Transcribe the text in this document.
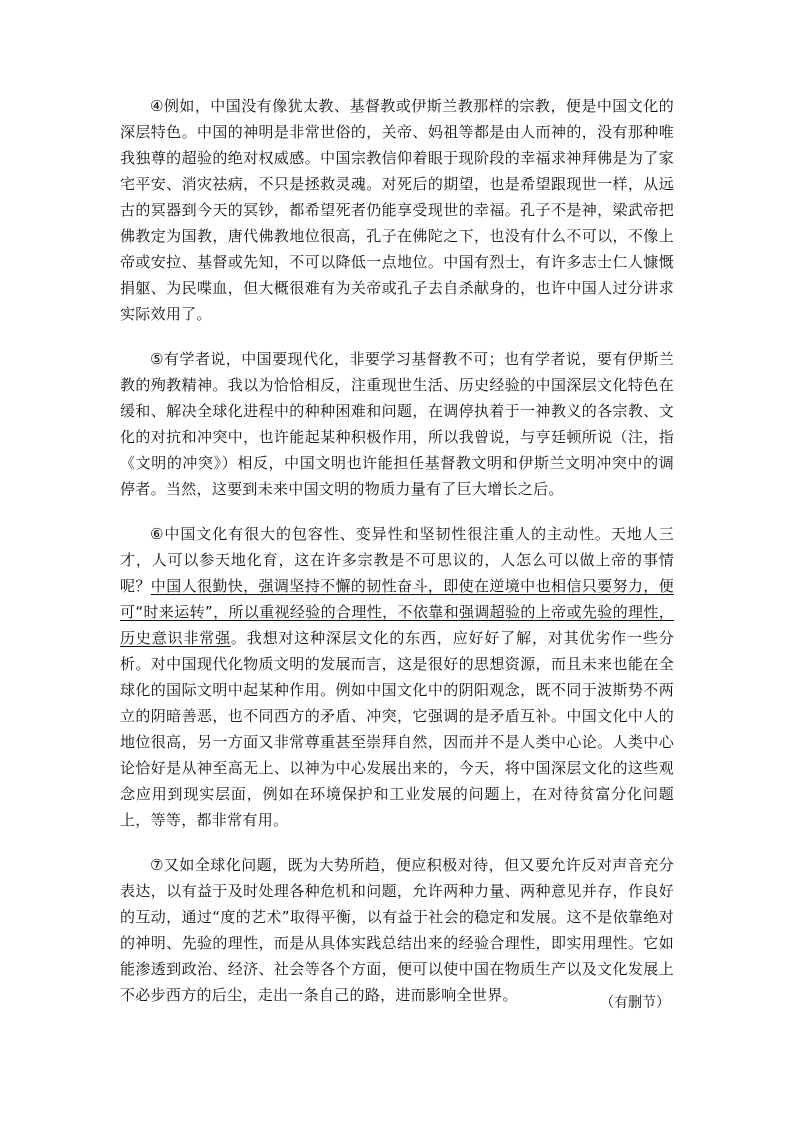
④例如，中国没有像犹太教、基督教或伊斯兰教那样的宗教，便是中国文化的深层特色。中国的神明是非常世俗的，关帝、妈祖等都是由人而神的，没有那种唯我独尊的超验的绝对权威感。中国宗教信仰着眼于现阶段的幸福求神拜佛是为了家宅平安、消灾祛病，不只是拯救灵魂。对死后的期望，也是希望跟现世一样，从远古的冥器到今天的冥钞，都希望死者仍能享受现世的幸福。孔子不是神，梁武帝把佛教定为国教，唐代佛教地位很高，孔子在佛陀之下，也没有什么不可以，不像上帝或安拉、基督或先知，不可以降低一点地位。中国有烈士，有许多志士仁人慷慨捐躯、为民喋血，但大概很难有为关帝或孔子去自杀献身的，也许中国人过分讲求实际效用了。

⑤有学者说，中国要现代化，非要学习基督教不可；也有学者说，要有伊斯兰教的殉教精神。我以为恰恰相反，注重现世生活、历史经验的中国深层文化特色在缓和、解决全球化进程中的种种困难和问题，在调停执着于一神教义的各宗教、文化的对抗和冲突中，也许能起某种积极作用，所以我曾说，与亨廷顿所说（注，指《文明的冲突》）相反，中国文明也许能担任基督教文明和伊斯兰文明冲突中的调停者。当然，这要到未来中国文明的物质力量有了巨大增长之后。

⑥中国文化有很大的包容性、变异性和坚韧性很注重人的主动性。天地人三才，人可以参天地化育，这在许多宗教是不可思议的，人怎么可以做上帝的事情呢？中国人很勤快，强调坚持不懈的韧性奋斗，即使在逆境中也相信只要努力，便可“时来运转”，所以重视经验的合理性，不依靠和强调超验的上帝或先验的理性，历史意识非常强。我想对这种深层文化的东西，应好好了解，对其优劣作一些分析。对中国现代化物质文明的发展而言，这是很好的思想资源，而且未来也能在全球化的国际文明中起某种作用。例如中国文化中的阴阳观念，既不同于波斯势不两立的阴暗善恶，也不同西方的矛盾、冲突，它强调的是矛盾互补。中国文化中人的地位很高，另一方面又非常尊重甚至崇拜自然，因而并不是人类中心论。人类中心论恰好是从神至高无上、以神为中心发展出来的，今天，将中国深层文化的这些观念应用到现实层面，例如在环境保护和工业发展的问题上，在对待贫富分化问题上，等等，都非常有用。

⑦又如全球化问题，既为大势所趋，便应积极对待，但又要允许反对声音充分表达，以有益于及时处理各种危机和问题，允许两种力量、两种意见并存，作良好的互动，通过“度的艺术”取得平衡，以有益于社会的稳定和发展。这不是依靠绝对的神明、先验的理性，而是从具体实践总结出来的经验合理性，即实用理性。它如能渗透到政治、经济、社会等各个方面，便可以使中国在物质生产以及文化发展上不必步西方的后尘，走出一条自己的路，进而影响全世界。	（有删节）
